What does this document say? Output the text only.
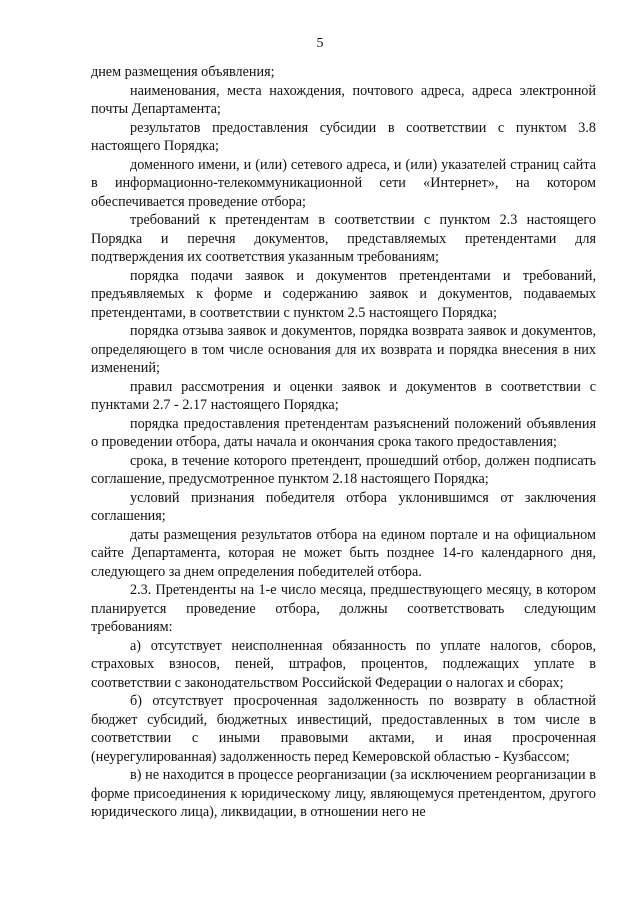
5

днем размещения объявления;

наименования, места нахождения, почтового адреса, адреса электронной почты Департамента;

результатов предоставления субсидии в соответствии с пунктом 3.8 настоящего Порядка;

доменного имени, и (или) сетевого адреса, и (или) указателей страниц сайта в информационно-телекоммуникационной сети «Интернет», на котором обеспечивается проведение отбора;

требований к претендентам в соответствии с пунктом 2.3 настоящего Порядка и перечня документов, представляемых претендентами для подтверждения их соответствия указанным требованиям;

порядка подачи заявок и документов претендентами и требований, предъявляемых к форме и содержанию заявок и документов, подаваемых претендентами, в соответствии с пунктом 2.5 настоящего Порядка;

порядка отзыва заявок и документов, порядка возврата заявок и документов, определяющего в том числе основания для их возврата и порядка внесения в них изменений;

правил рассмотрения и оценки заявок и документов в соответствии с пунктами 2.7 - 2.17 настоящего Порядка;

порядка предоставления претендентам разъяснений положений объявления о проведении отбора, даты начала и окончания срока такого предоставления;

срока, в течение которого претендент, прошедший отбор, должен подписать соглашение, предусмотренное пунктом 2.18 настоящего Порядка;

условий признания победителя отбора уклонившимся от заключения соглашения;

даты размещения результатов отбора на едином портале и на официальном сайте Департамента, которая не может быть позднее 14-го календарного дня, следующего за днем определения победителей отбора.

2.3. Претенденты на 1-е число месяца, предшествующего месяцу, в котором планируется проведение отбора, должны соответствовать следующим требованиям:

а) отсутствует неисполненная обязанность по уплате налогов, сборов, страховых взносов, пеней, штрафов, процентов, подлежащих уплате в соответствии с законодательством Российской Федерации о налогах и сборах;

б) отсутствует просроченная задолженность по возврату в областной бюджет субсидий, бюджетных инвестиций, предоставленных в том числе в соответствии с иными правовыми актами, и иная просроченная (неурегулированная) задолженность перед Кемеровской областью - Кузбассом;

в) не находится в процессе реорганизации (за исключением реорганизации в форме присоединения к юридическому лицу, являющемуся претендентом, другого юридического лица), ликвидации, в отношении него не
